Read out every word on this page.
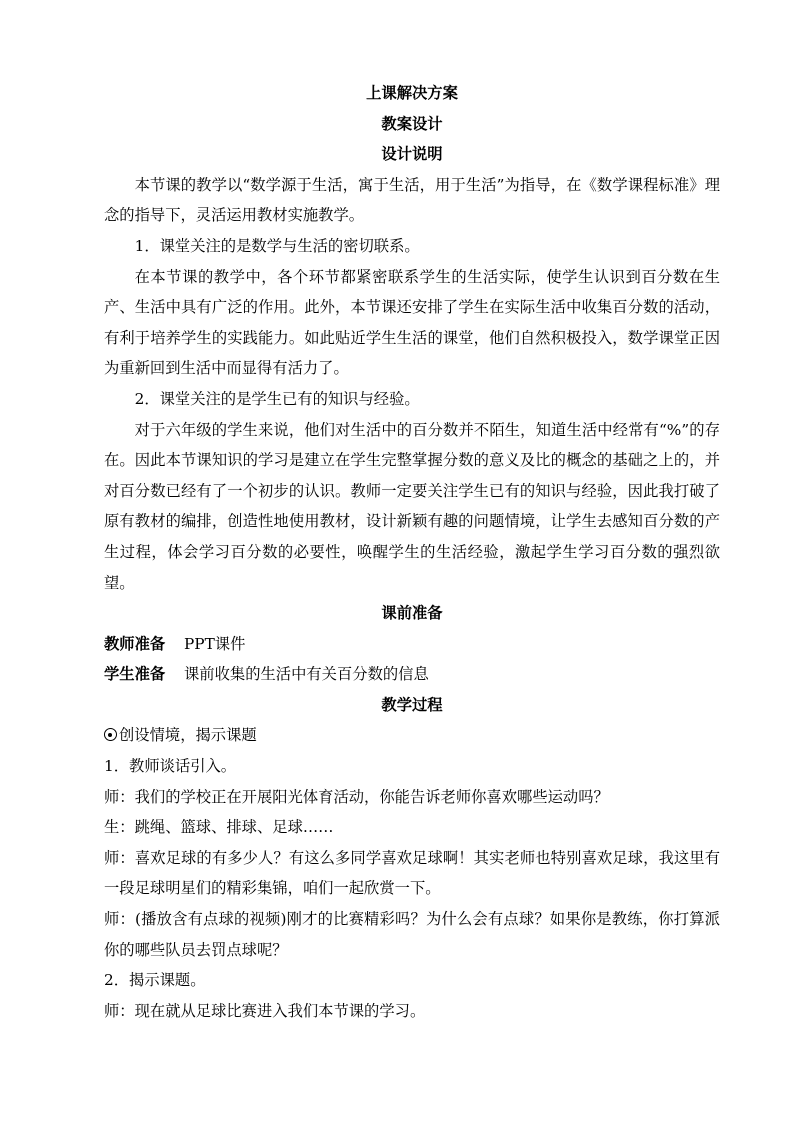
上课解决方案
教案设计
设计说明

本节课的教学以“数学源于生活，寓于生活，用于生活”为指导，在《数学课程标准》理念的指导下，灵活运用教材实施教学。

1．课堂关注的是数学与生活的密切联系。

在本节课的教学中，各个环节都紧密联系学生的生活实际，使学生认识到百分数在生产、生活中具有广泛的作用。此外，本节课还安排了学生在实际生活中收集百分数的活动，有利于培养学生的实践能力。如此贴近学生生活的课堂，他们自然积极投入，数学课堂正因为重新回到生活中而显得有活力了。

2．课堂关注的是学生已有的知识与经验。

对于六年级的学生来说，他们对生活中的百分数并不陌生，知道生活中经常有“%”的存在。因此本节课知识的学习是建立在学生完整掌握分数的意义及比的概念的基础之上的，并对百分数已经有了一个初步的认识。教师一定要关注学生已有的知识与经验，因此我打破了原有教材的编排，创造性地使用教材，设计新颖有趣的问题情境，让学生去感知百分数的产生过程，体会学习百分数的必要性，唤醒学生的生活经验，激起学生学习百分数的强烈欲望。

课前准备

教师准备 PPT课件

学生准备 课前收集的生活中有关百分数的信息

教学过程

创设情境，揭示课题

1．教师谈话引入。

师：我们的学校正在开展阳光体育活动，你能告诉老师你喜欢哪些运动吗？

生：跳绳、篮球、排球、足球……

师：喜欢足球的有多少人？有这么多同学喜欢足球啊！其实老师也特别喜欢足球，我这里有一段足球明星们的精彩集锦，咱们一起欣赏一下。

师：(播放含有点球的视频)刚才的比赛精彩吗？为什么会有点球？如果你是教练，你打算派你的哪些队员去罚点球呢？

2．揭示课题。

师：现在就从足球比赛进入我们本节课的学习。
